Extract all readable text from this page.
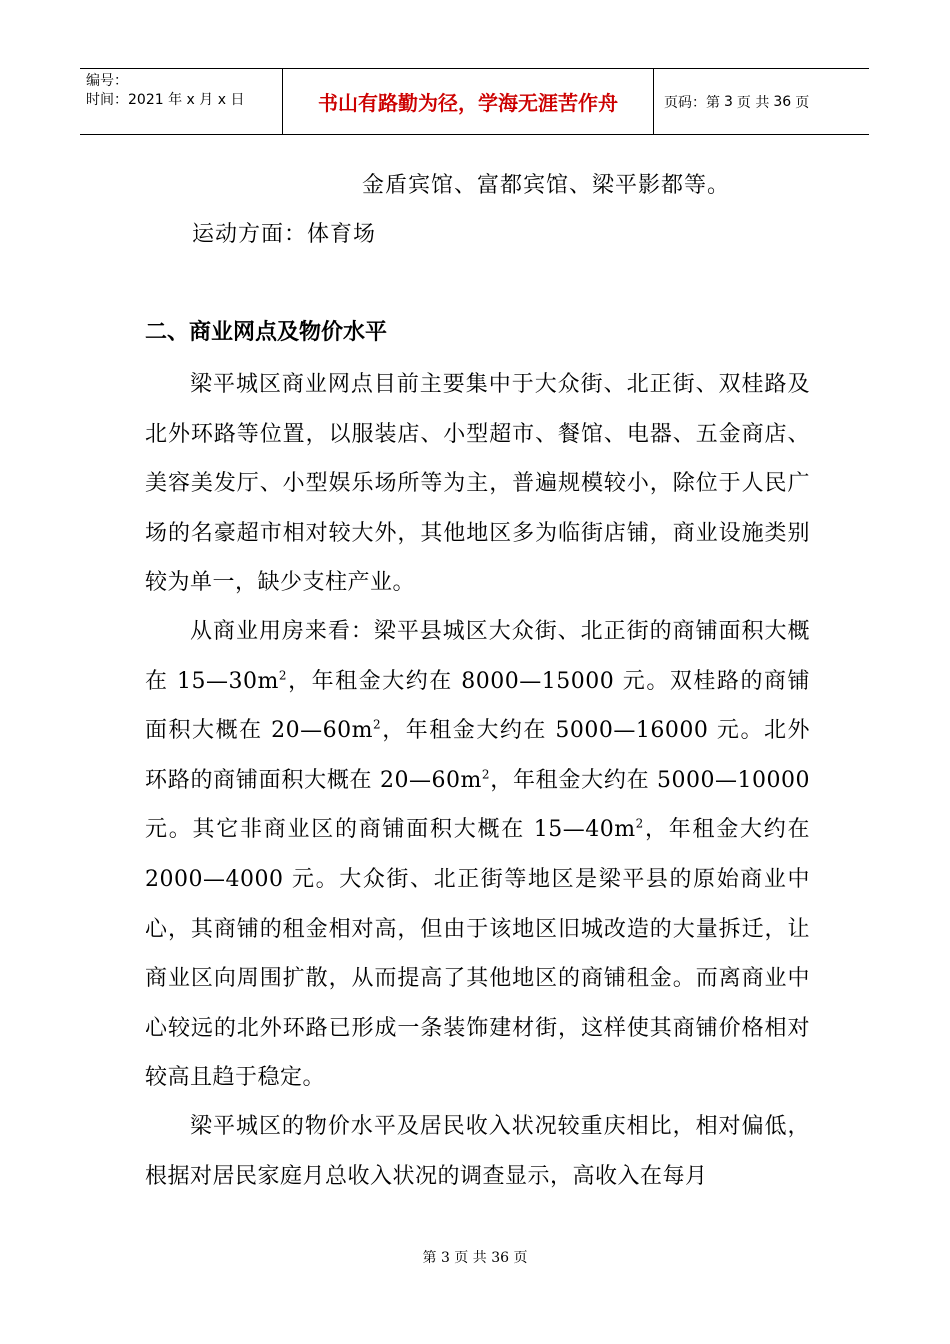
编号：
时间：2021 年 x 月 x 日	书山有路勤为径，学海无涯苦作舟	页码：第 3 页 共 36 页
金盾宾馆、富都宾馆、梁平影都等。
运动方面：体育场
二、商业网点及物价水平
梁平城区商业网点目前主要集中于大众街、北正街、双桂路及北外环路等位置，以服装店、小型超市、餐馆、电器、五金商店、美容美发厅、小型娱乐场所等为主，普遍规模较小，除位于人民广场的名豪超市相对较大外，其他地区多为临街店铺，商业设施类别较为单一，缺少支柱产业。
从商业用房来看：梁平县城区大众街、北正街的商铺面积大概在 $15—30m^2$，年租金大约在 8000—15000 元。双桂路的商铺面积大概在 $20—60m^2$，年租金大约在 5000—16000 元。北外环路的商铺面积大概在 $20—60m^2$，年租金大约在 5000—10000 元。其它非商业区的商铺面积大概在 $15—40m^2$，年租金大约在 2000—4000 元。大众街、北正街等地区是梁平县的原始商业中心，其商铺的租金相对高，但由于该地区旧城改造的大量拆迁，让商业区向周围扩散，从而提高了其他地区的商铺租金。而离商业中心较远的北外环路已形成一条装饰建材街，这样使其商铺价格相对较高且趋于稳定。
梁平城区的物价水平及居民收入状况较重庆相比，相对偏低，根据对居民家庭月总收入状况的调查显示，高收入在每月
第 3 页 共 36 页
